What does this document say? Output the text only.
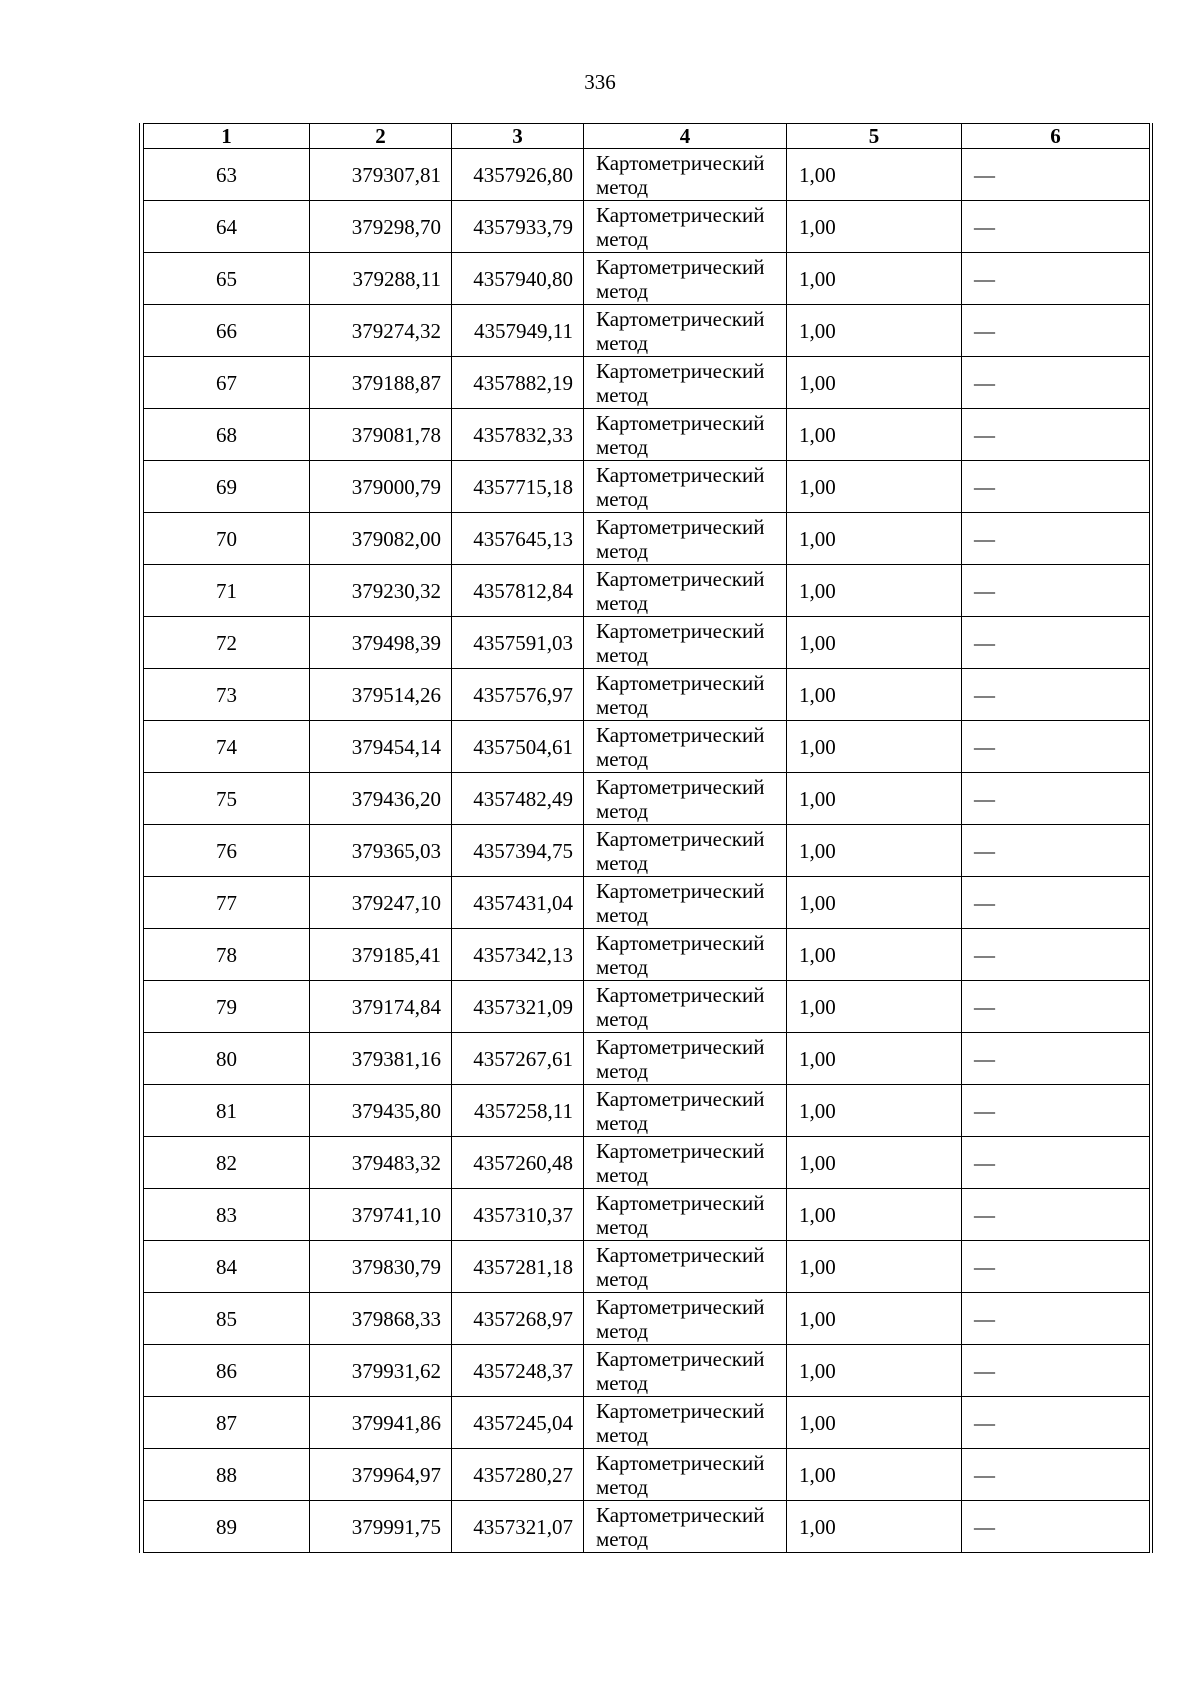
336
1	2	3	4	5	6
63	379307,81	4357926,80	Картометрический метод	1,00	—
64	379298,70	4357933,79	Картометрический метод	1,00	—
65	379288,11	4357940,80	Картометрический метод	1,00	—
66	379274,32	4357949,11	Картометрический метод	1,00	—
67	379188,87	4357882,19	Картометрический метод	1,00	—
68	379081,78	4357832,33	Картометрический метод	1,00	—
69	379000,79	4357715,18	Картометрический метод	1,00	—
70	379082,00	4357645,13	Картометрический метод	1,00	—
71	379230,32	4357812,84	Картометрический метод	1,00	—
72	379498,39	4357591,03	Картометрический метод	1,00	—
73	379514,26	4357576,97	Картометрический метод	1,00	—
74	379454,14	4357504,61	Картометрический метод	1,00	—
75	379436,20	4357482,49	Картометрический метод	1,00	—
76	379365,03	4357394,75	Картометрический метод	1,00	—
77	379247,10	4357431,04	Картометрический метод	1,00	—
78	379185,41	4357342,13	Картометрический метод	1,00	—
79	379174,84	4357321,09	Картометрический метод	1,00	—
80	379381,16	4357267,61	Картометрический метод	1,00	—
81	379435,80	4357258,11	Картометрический метод	1,00	—
82	379483,32	4357260,48	Картометрический метод	1,00	—
83	379741,10	4357310,37	Картометрический метод	1,00	—
84	379830,79	4357281,18	Картометрический метод	1,00	—
85	379868,33	4357268,97	Картометрический метод	1,00	—
86	379931,62	4357248,37	Картометрический метод	1,00	—
87	379941,86	4357245,04	Картометрический метод	1,00	—
88	379964,97	4357280,27	Картометрический метод	1,00	—
89	379991,75	4357321,07	Картометрический метод	1,00	—
